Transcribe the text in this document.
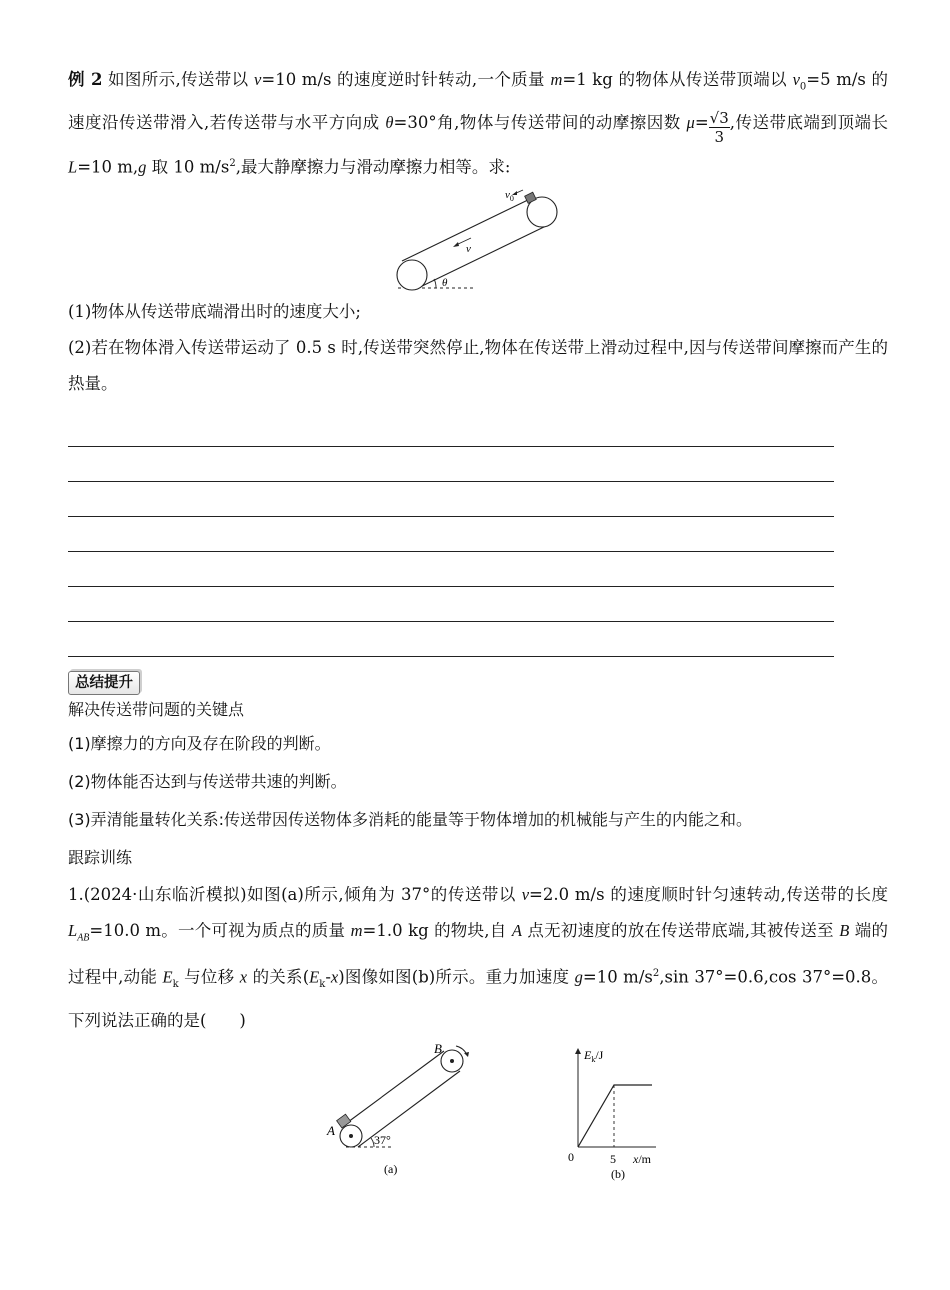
例 2 如图所示,传送带以 v=10 m/s 的速度逆时针转动,一个质量 m=1 kg 的物体从传送带顶端以 $v_0=5$ m/s 的速度沿传送带滑入,若传送带与水平方向成 θ=30°角,物体与传送带间的动摩擦因数 $\mu= \frac{√3}{3}$ ,传送带底端到顶端长 L=10 m,g 取 10 $m/s^2$,最大静摩擦力与滑动摩擦力相等。求:

θ
$v_0$
v

(1)物体从传送带底端滑出时的速度大小;

(2)若在物体滑入传送带运动了 0.5 s 时,传送带突然停止,物体在传送带上滑动过程中,因与传送带间摩擦而产生的热量。

总结提升

解决传送带问题的关键点

(1)摩擦力的方向及存在阶段的判断。

(2)物体能否达到与传送带共速的判断。

(3)弄清能量转化关系:传送带因传送物体多消耗的能量等于物体增加的机械能与产生的内能之和。

跟踪训练

1.(2024·山东临沂模拟)如图(a)所示,倾角为 37°的传送带以 v=2.0 m/s 的速度顺时针匀速转动,传送带的长度 $L_{AB}=10.0$ m。一个可视为质点的质量 m=1.0 kg 的物块,自 A 点无初速度的放在传送带底端,其被传送至 B 端的过程中,动能 $E_k$ 与位移 x 的关系$(E_k-x)$图像如图(b)所示。重力加速度 g=10 $m/s^2,\sin$ 37°=0.6,cos 37°=0.8。下列说法正确的是(　　)

37°
A
B
(a)
$E_k/J$
0	5 x/m
(b)
